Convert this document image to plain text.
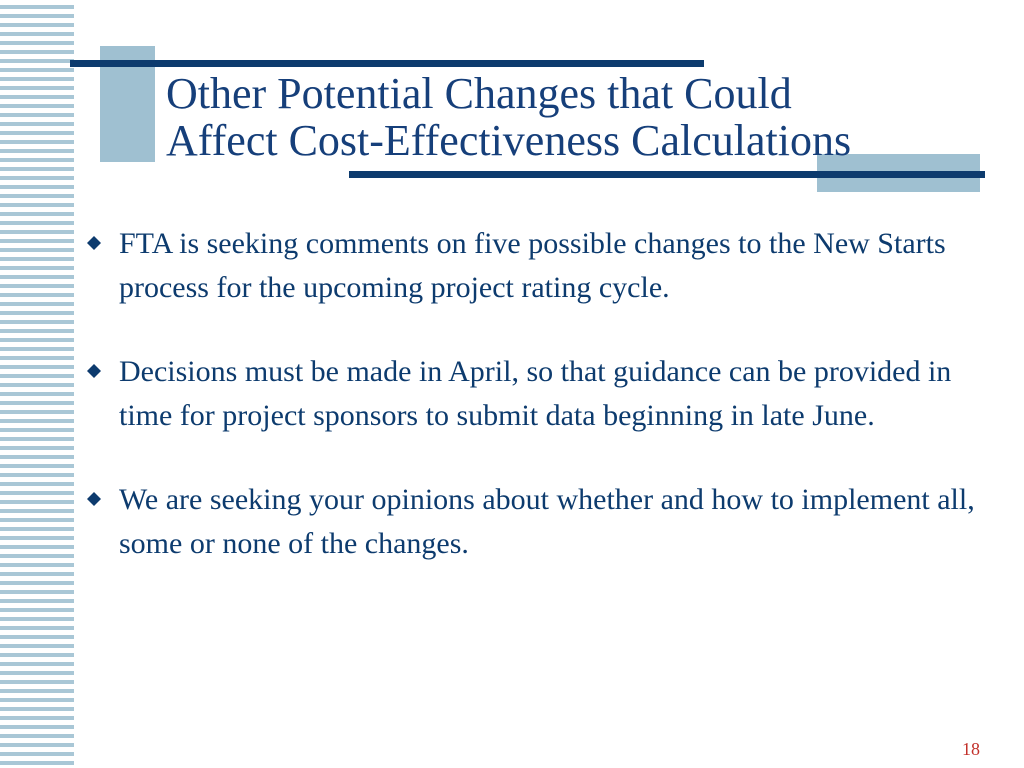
Other Potential Changes that Could
Affect Cost-Effectiveness Calculations
FTA is seeking comments on five possible changes to the New Starts process for the upcoming project rating cycle.
Decisions must be made in April, so that guidance can be provided in time for project sponsors to submit data beginning in late June.
We are seeking your opinions about whether and how to implement all, some or none of the changes.
18
